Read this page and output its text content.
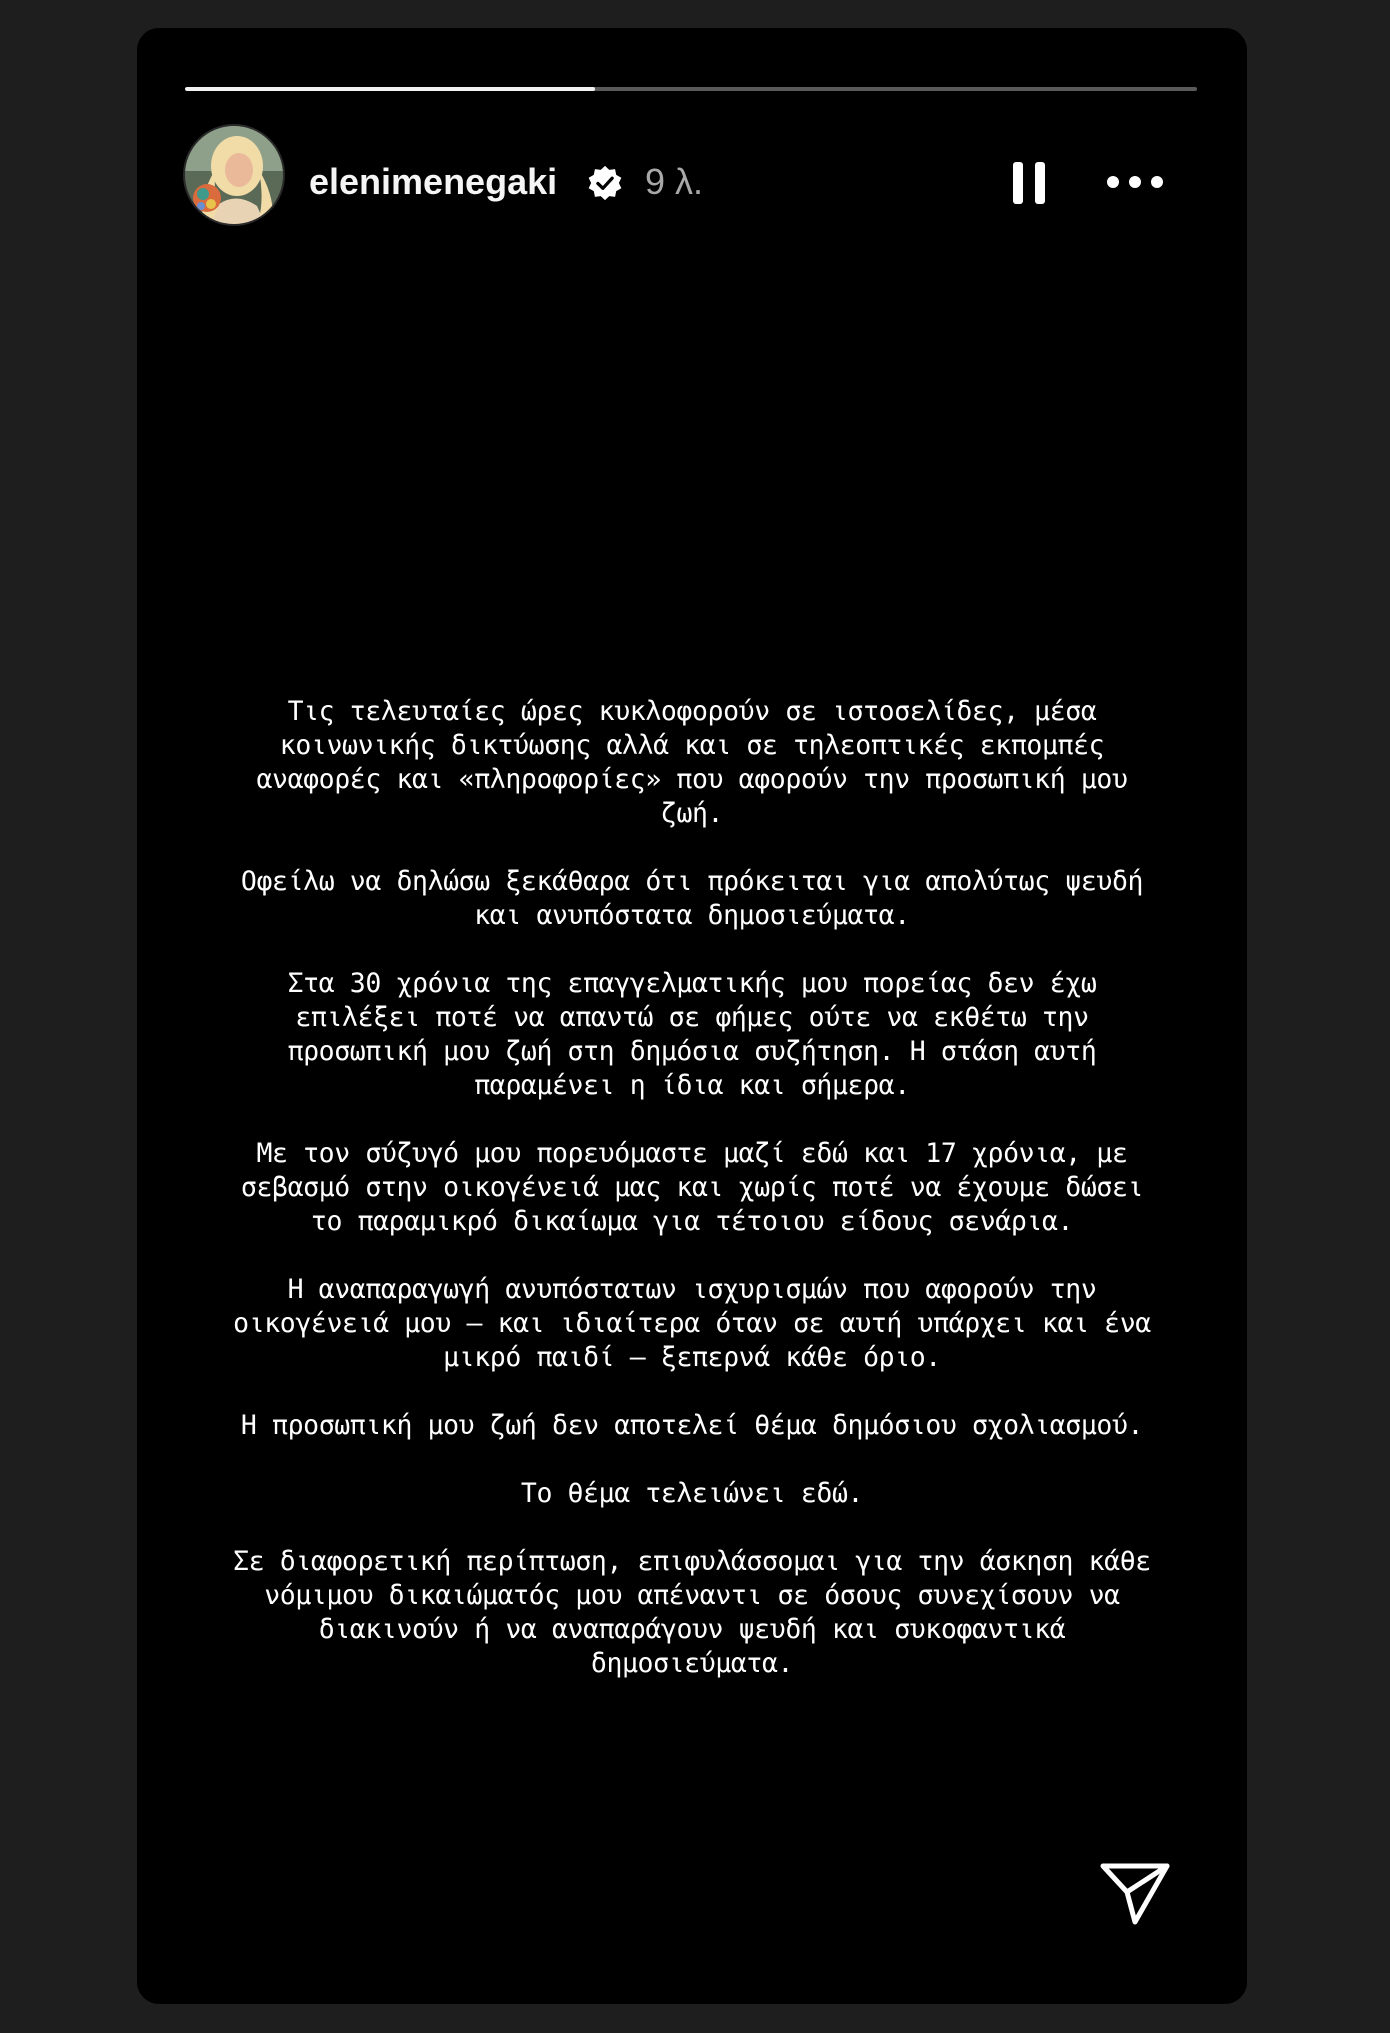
elenimenegaki 9 λ.

Τις τελευταίες ώρες κυκλοφορούν σε ιστοσελίδες, μέσα
κοινωνικής δικτύωσης αλλά και σε τηλεοπτικές εκπομπές
αναφορές και «πληροφορίες» που αφορούν την προσωπική μου
ζωή.

Οφείλω να δηλώσω ξεκάθαρα ότι πρόκειται για απολύτως ψευδή
και ανυπόστατα δημοσιεύματα.

Στα 30 χρόνια της επαγγελματικής μου πορείας δεν έχω
επιλέξει ποτέ να απαντώ σε φήμες ούτε να εκθέτω την
προσωπική μου ζωή στη δημόσια συζήτηση. Η στάση αυτή
παραμένει η ίδια και σήμερα.

Με τον σύζυγό μου πορευόμαστε μαζί εδώ και 17 χρόνια, με
σεβασμό στην οικογένειά μας και χωρίς ποτέ να έχουμε δώσει
το παραμικρό δικαίωμα για τέτοιου είδους σενάρια.

Η αναπαραγωγή ανυπόστατων ισχυρισμών που αφορούν την
οικογένειά μου – και ιδιαίτερα όταν σε αυτή υπάρχει και ένα
μικρό παιδί – ξεπερνά κάθε όριο.

Η προσωπική μου ζωή δεν αποτελεί θέμα δημόσιου σχολιασμού.

Το θέμα τελειώνει εδώ.

Σε διαφορετική περίπτωση, επιφυλάσσομαι για την άσκηση κάθε
νόμιμου δικαιώματός μου απέναντι σε όσους συνεχίσουν να
διακινούν ή να αναπαράγουν ψευδή και συκοφαντικά
δημοσιεύματα.
